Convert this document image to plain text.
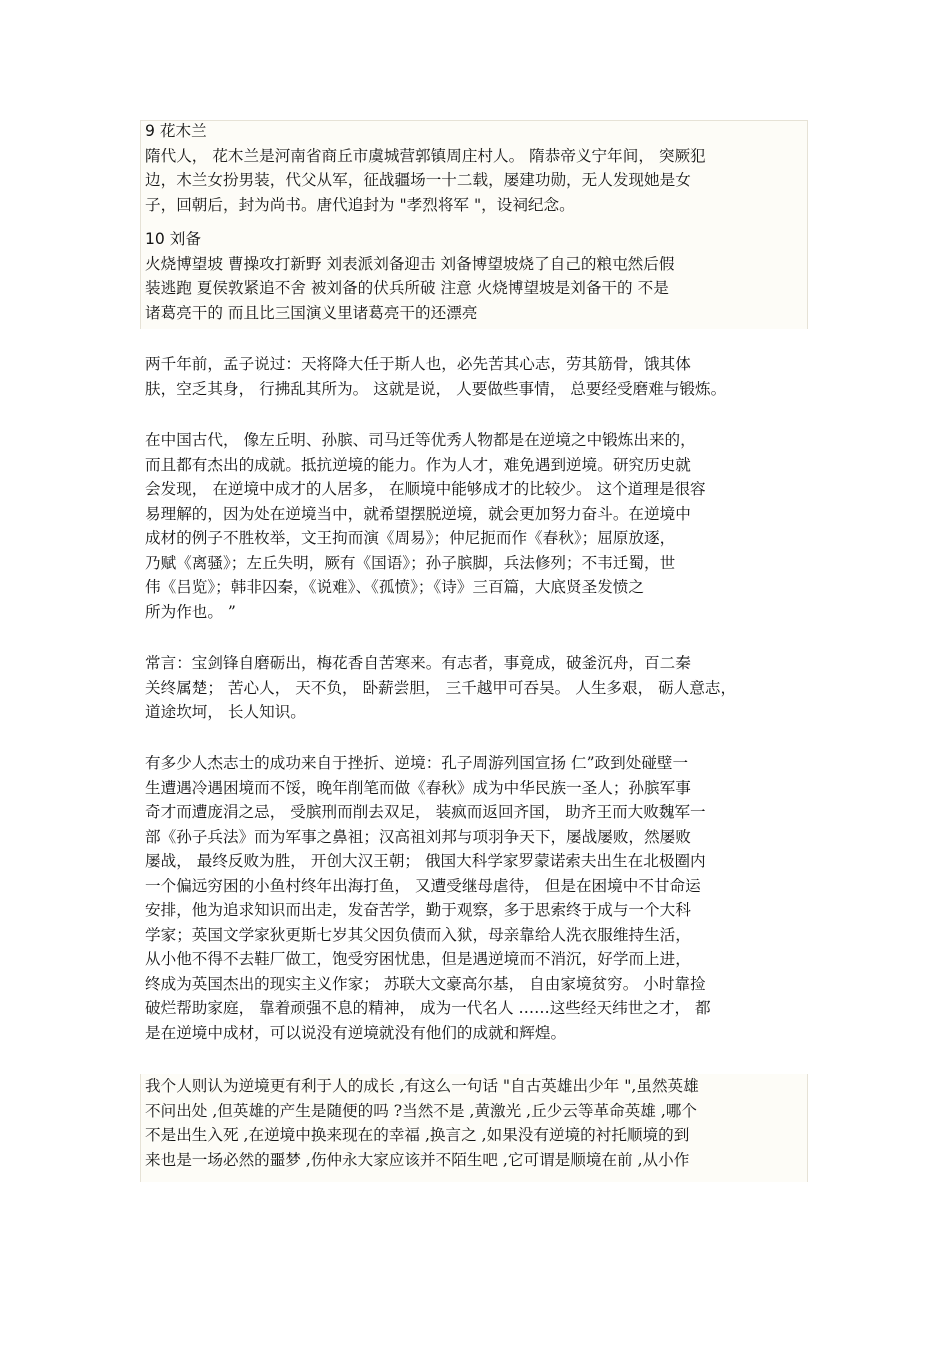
9 花木兰
隋代人， 花木兰是河南省商丘市虞城营郭镇周庄村人。 隋恭帝义宁年间， 突厥犯
边，木兰女扮男装，代父从军，征战疆场一十二载，屡建功勋，无人发现她是女
子，回朝后，封为尚书。唐代追封为 "孝烈将军 "，设祠纪念。
10 刘备
火烧博望坡 曹操攻打新野 刘表派刘备迎击 刘备博望坡烧了自己的粮屯然后假
装逃跑 夏侯敦紧追不舍 被刘备的伏兵所破 注意 火烧博望坡是刘备干的 不是
诸葛亮干的 而且比三国演义里诸葛亮干的还漂亮
两千年前，孟子说过：天将降大任于斯人也，必先苦其心志，劳其筋骨，饿其体
肤，空乏其身， 行拂乱其所为。 这就是说， 人要做些事情， 总要经受磨难与锻炼。
在中国古代， 像左丘明、孙膑、司马迁等优秀人物都是在逆境之中锻炼出来的，
而且都有杰出的成就。抵抗逆境的能力。作为人才，难免遇到逆境。研究历史就
会发现， 在逆境中成才的人居多， 在顺境中能够成才的比较少。 这个道理是很容
易理解的，因为处在逆境当中，就希望摆脱逆境，就会更加努力奋斗。在逆境中
成材的例子不胜枚举，文王拘而演《周易》；仲尼扼而作《春秋》；屈原放逐，
乃赋《离骚》；左丘失明，厥有《国语》；孙子膑脚，兵法修列；不韦迁蜀，世
伟《吕览》；韩非囚秦，《说难》、《孤愤》；《诗》三百篇，大底贤圣发愤之
所为作也。 ”
常言：宝剑锋自磨砺出，梅花香自苦寒来。有志者，事竟成，破釜沉舟，百二秦
关终属楚； 苦心人， 天不负， 卧薪尝胆， 三千越甲可吞吴。 人生多艰， 砺人意志，
道途坎坷， 长人知识。
有多少人杰志士的成功来自于挫折、逆境：孔子周游列国宣扬 仁”政到处碰壁一
生遭遇冷遇困境而不馁，晚年削笔而做《春秋》成为中华民族一圣人；孙膑军事
奇才而遭庞涓之忌， 受膑刑而削去双足， 装疯而返回齐国， 助齐王而大败魏军一
部《孙子兵法》而为军事之鼻祖；汉高祖刘邦与项羽争天下，屡战屡败，然屡败
屡战， 最终反败为胜， 开创大汉王朝； 俄国大科学家罗蒙诺索夫出生在北极圈内
一个偏远穷困的小鱼村终年出海打鱼， 又遭受继母虐待， 但是在困境中不甘命运
安排，他为追求知识而出走，发奋苦学，勤于观察，多于思索终于成与一个大科
学家；英国文学家狄更斯七岁其父因负债而入狱，母亲靠给人洗衣服维持生活，
从小他不得不去鞋厂做工，饱受穷困忧患，但是遇逆境而不消沉，好学而上进，
终成为英国杰出的现实主义作家； 苏联大文豪高尔基， 自由家境贫穷。 小时靠捡
破烂帮助家庭， 靠着顽强不息的精神， 成为一代名人 ……这些经天纬世之才， 都
是在逆境中成材，可以说没有逆境就没有他们的成就和辉煌。
我个人则认为逆境更有利于人的成长 ,有这么一句话 "自古英雄出少年 ",虽然英雄
不问出处 ,但英雄的产生是随便的吗 ?当然不是 ,黄激光 ,丘少云等革命英雄 ,哪个
不是出生入死 ,在逆境中换来现在的幸福 ,换言之 ,如果没有逆境的衬托顺境的到
来也是一场必然的噩梦 ,伤仲永大家应该并不陌生吧 ,它可谓是顺境在前 ,从小作
